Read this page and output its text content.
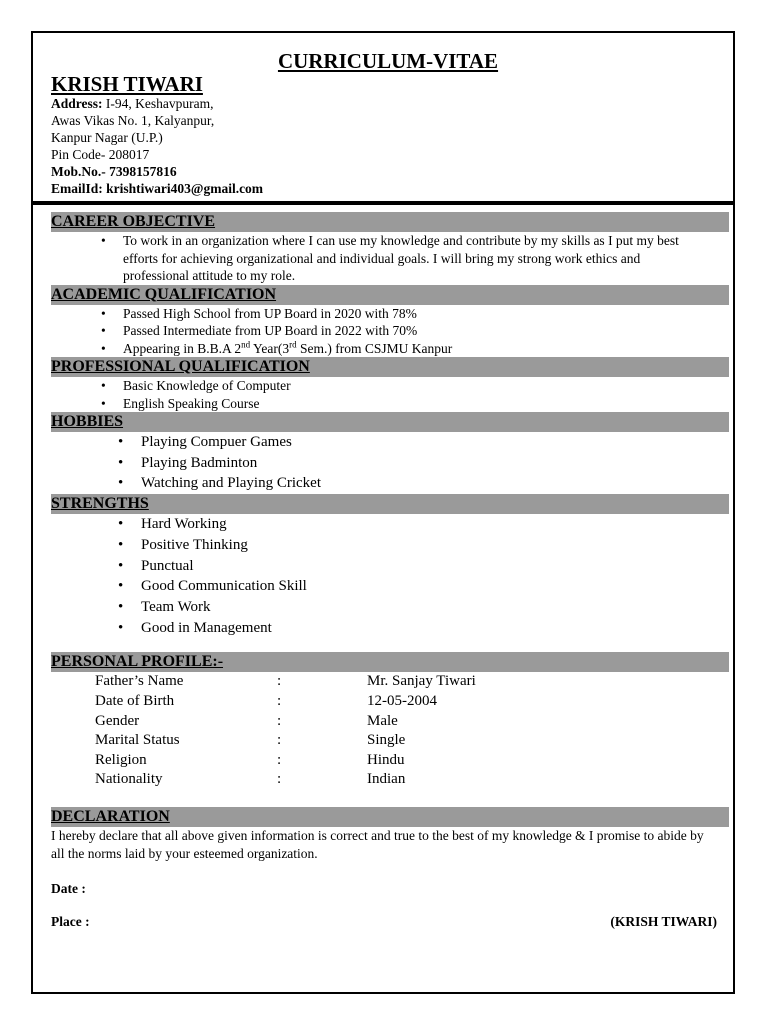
CURRICULUM-VITAE
KRISH TIWARI
Address: I-94, Keshavpuram,
Awas Vikas No. 1, Kalyanpur,
Kanpur Nagar (U.P.)
Pin Code- 208017
Mob.No.- 7398157816
EmailId: krishtiwari403@gmail.com
CAREER OBJECTIVE
• To work in an organization where I can use my knowledge and contribute by my skills as I put my best efforts for achieving organizational and individual goals. I will bring my strong work ethics and professional attitude to my role.
ACADEMIC QUALIFICATION
• Passed High School from UP Board in 2020 with 78%
• Passed Intermediate from UP Board in 2022 with 70%
• Appearing in B.B.A 2nd Year(3rd Sem.) from CSJMU Kanpur
PROFESSIONAL QUALIFICATION
• Basic Knowledge of Computer
• English Speaking Course
HOBBIES
• Playing Compuer Games
• Playing Badminton
• Watching and Playing Cricket
STRENGTHS
• Hard Working
• Positive Thinking
• Punctual
• Good Communication Skill
• Team Work
• Good in Management
PERSONAL PROFILE:-
Father’s Name	:	Mr. Sanjay Tiwari
Date of Birth	:	12-05-2004
Gender	:	Male
Marital Status	:	Single
Religion	:	Hindu
Nationality	:	Indian
DECLARATION
I hereby declare that all above given information is correct and true to the best of my knowledge & I promise to abide by all the norms laid by your esteemed organization.
Date :
Place :	(KRISH TIWARI)
